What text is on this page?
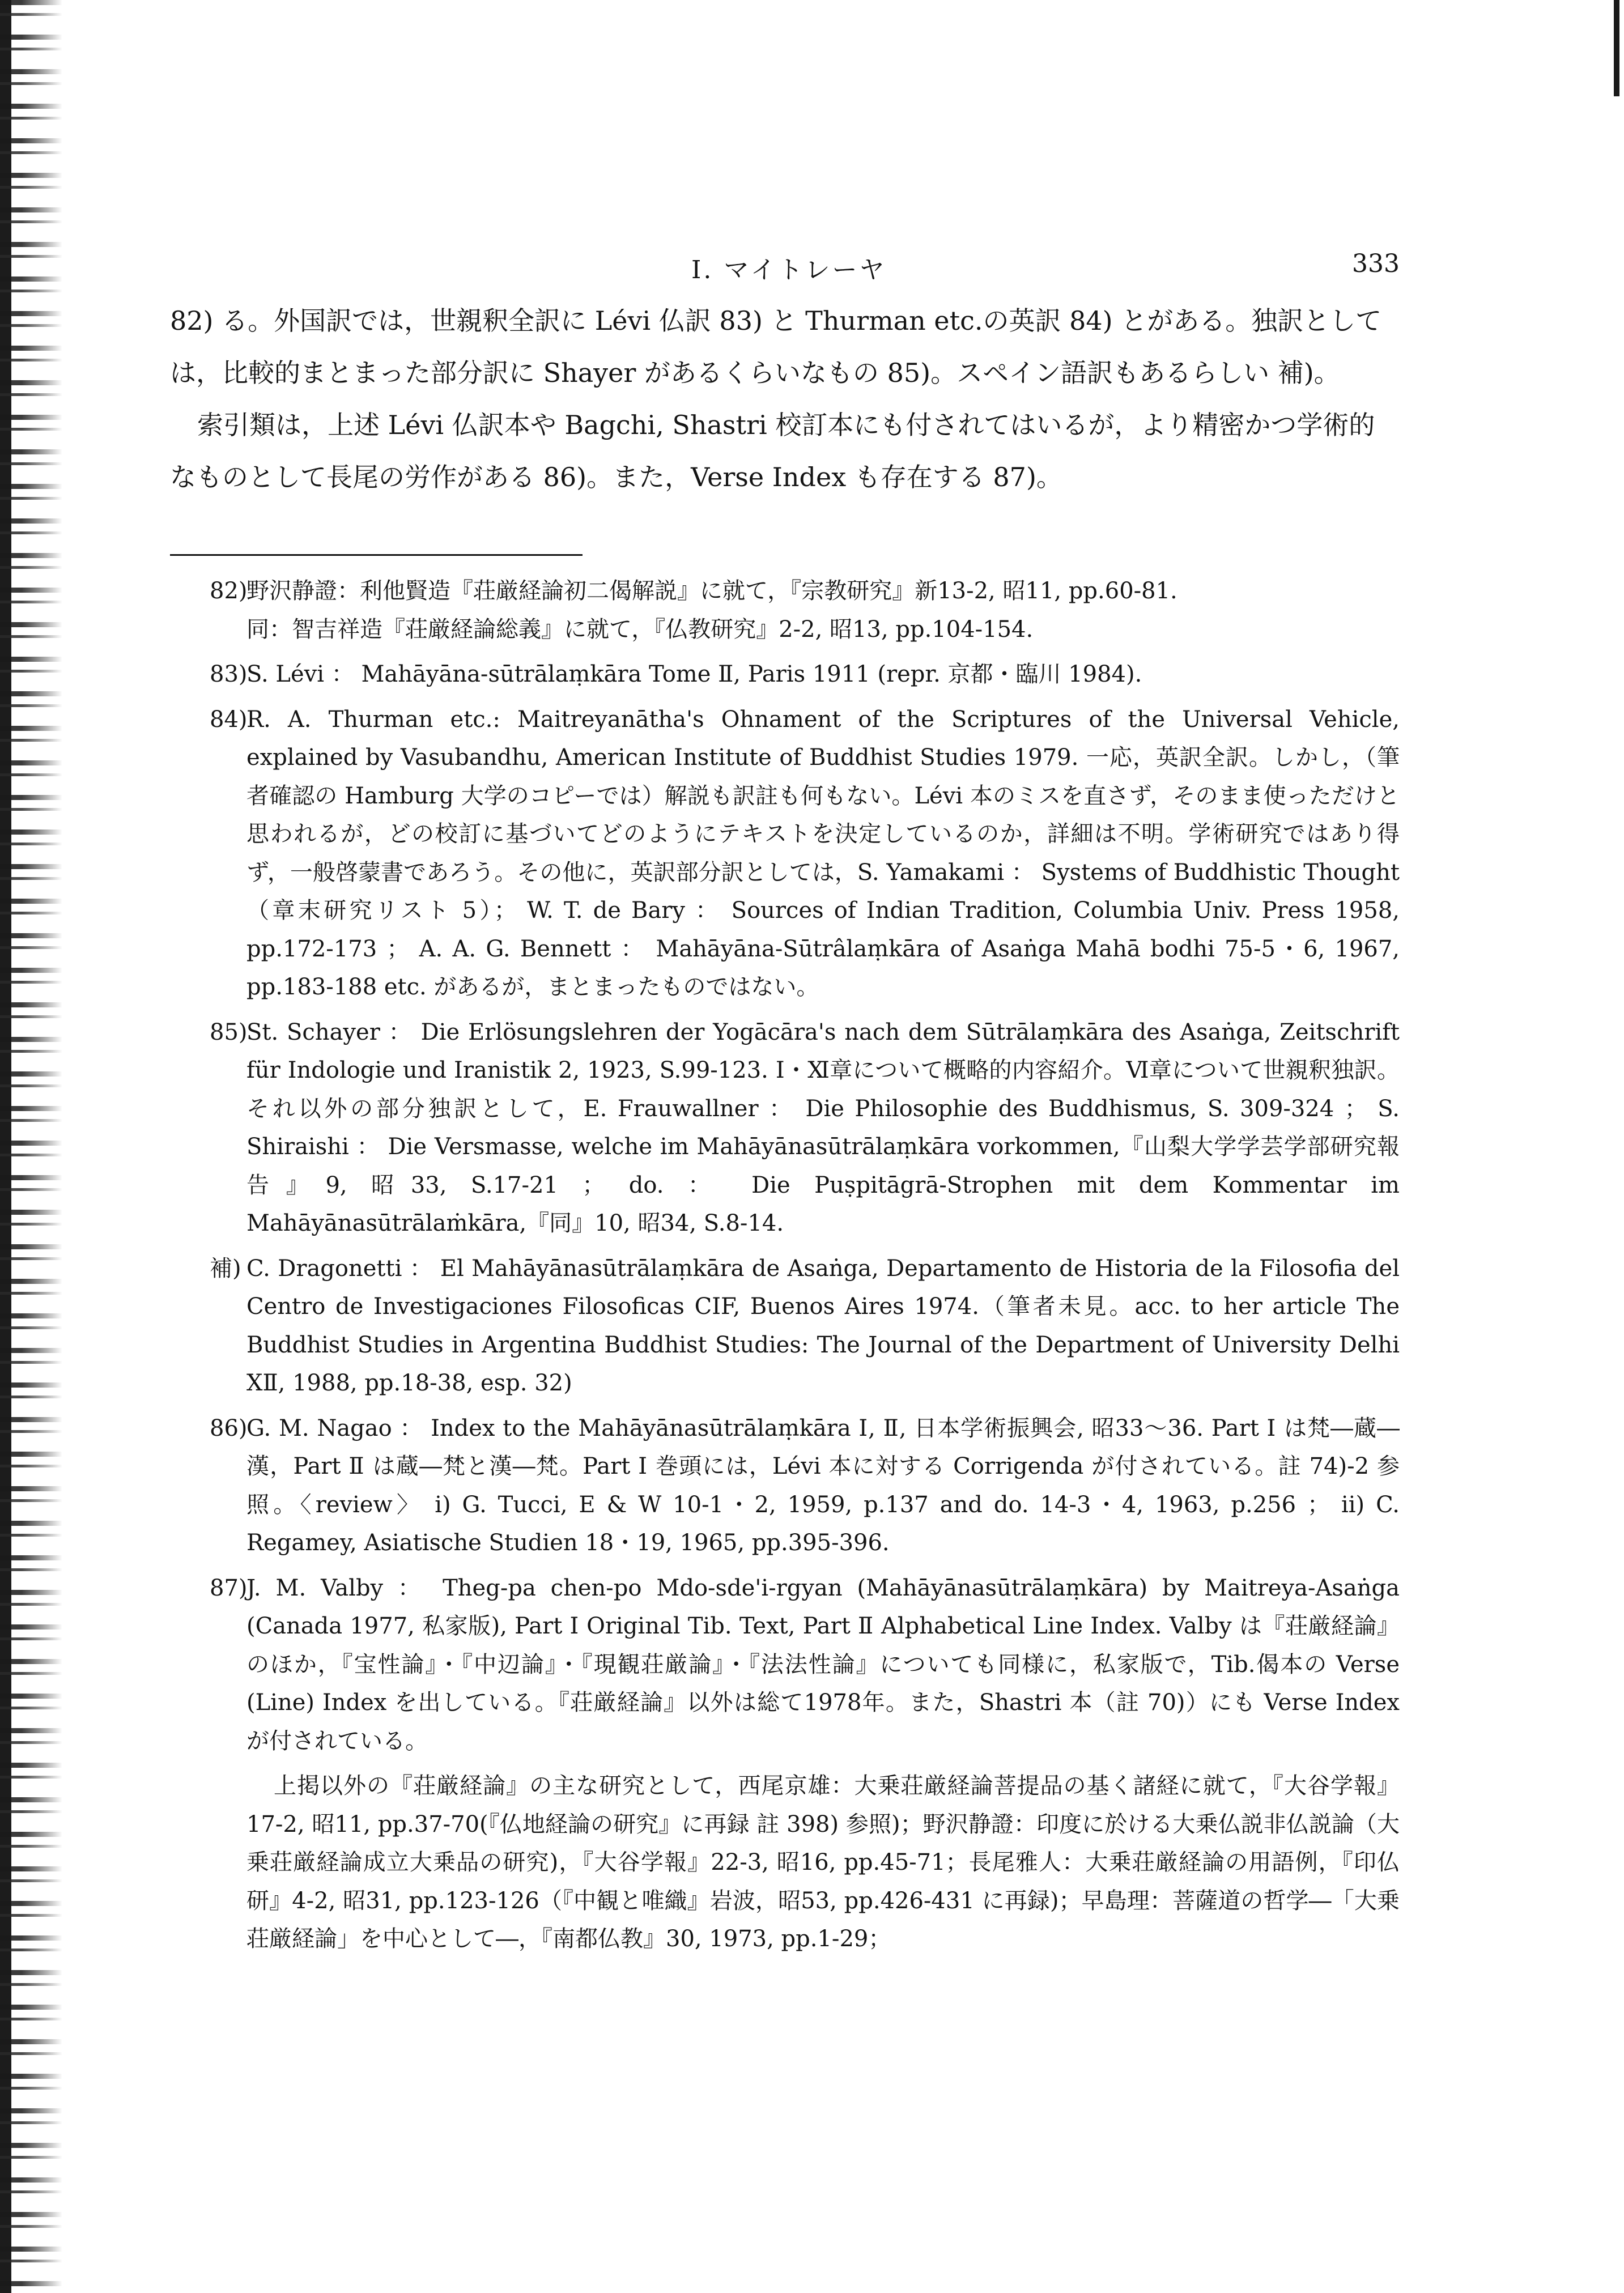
I. マイトレーヤ	333

82) る。外国訳では，世親釈全訳に Lévi 仏訳 83) と Thurman etc.の英訳 84) とがある。独訳としては，比較的まとまった部分訳に Shayer があるくらいなもの 85)。スペイン語訳もあるらしい 補)。

索引類は，上述 Lévi 仏訳本や Bagchi, Shastri 校訂本にも付されてはいるが，より精密かつ学術的なものとして長尾の労作がある 86)。また，Verse Index も存在する 87)。

82)
野沢静證：利他賢造『荘厳経論初二偈解説』に就て，『宗教研究』新13-2, 昭11, pp.60-81.
同：智吉祥造『荘厳経論総義』に就て，『仏教研究』2-2, 昭13, pp.104-154.
83)
S. Lévi ： Mahāyāna-sūtrālaṃkāra Tome Ⅱ, Paris 1911 (repr. 京都・臨川 1984).
84)
R. A. Thurman etc.: Maitreyanātha's Ohnament of the Scriptures of the Universal Vehicle, explained by Vasubandhu, American Institute of Buddhist Studies 1979. 一応，英訳全訳。しかし，（筆者確認の Hamburg 大学のコピーでは）解説も訳註も何もない。Lévi 本のミスを直さず，そのまま使っただけと思われるが，どの校訂に基づいてどのようにテキストを決定しているのか，詳細は不明。学術研究ではあり得ず，一般啓蒙書であろう。その他に，英訳部分訳としては，S. Yamakami ： Systems of Buddhistic Thought（章末研究リスト 5）； W. T. de Bary ： Sources of Indian Tradition, Columbia Univ. Press 1958, pp.172-173 ； A. A. G. Bennett ： Mahāyāna-Sūtrâlaṃkāra of Asaṅga Mahā bodhi 75-5・6, 1967, pp.183-188 etc. があるが，まとまったものではない。
85)
St. Schayer ： Die Erlösungslehren der Yogācāra's nach dem Sūtrālaṃkāra des Asaṅga, Zeitschrift für Indologie und Iranistik 2, 1923, S.99-123. Ⅰ・Ⅺ章について概略的内容紹介。Ⅵ章について世親釈独訳。それ以外の部分独訳として，E. Frauwallner ： Die Philosophie des Buddhismus, S. 309-324 ； S. Shiraishi ： Die Versmasse, welche im Mahāyānasūtrālaṃkāra vorkommen,『山梨大学学芸学部研究報告』9, 昭33, S.17-21 ； do. ： Die Puṣpitāgrā-Strophen mit dem Kommentar im Mahāyānasūtrālaṁkāra,『同』10, 昭34, S.8-14.
補) C. Dragonetti ： El Mahāyānasūtrālaṃkāra de Asaṅga, Departamento de Historia de la Filosofia del Centro de Investigaciones Filosoficas CIF, Buenos Aires 1974.（筆者未見。acc. to her article The Buddhist Studies in Argentina Buddhist Studies: The Journal of the Department of University Delhi ⅩⅡ, 1988, pp.18-38, esp. 32)
86)
G. M. Nagao ： Index to the Mahāyānasūtrālaṃkāra Ⅰ, Ⅱ, 日本学術振興会, 昭33〜36. Part Ⅰ は梵―蔵―漢，Part Ⅱ は蔵―梵と漢―梵。Part Ⅰ 巻頭には，Lévi 本に対する Corrigenda が付されている。註 74)-2 参照。〈review〉 i) G. Tucci, E & W 10-1・2, 1959, p.137 and do. 14-3・4, 1963, p.256 ； ii) C. Regamey, Asiatische Studien 18・19, 1965, pp.395-396.
87)
J. M. Valby ： Theg-pa chen-po Mdo-sde'i-rgyan (Mahāyānasūtrālaṃkāra) by Maitreya-Asaṅga (Canada 1977, 私家版), Part Ⅰ Original Tib. Text, Part Ⅱ Alphabetical Line Index. Valby は『荘厳経論』のほか，『宝性論』・『中辺論』・『現観荘厳論』・『法法性論』についても同様に，私家版で，Tib.偈本の Verse (Line) Index を出している。『荘厳経論』以外は総て1978年。また，Shastri 本（註 70)）にも Verse Index が付されている。
上掲以外の『荘厳経論』の主な研究として，西尾京雄：大乗荘厳経論菩提品の基く諸経に就て，『大谷学報』17-2, 昭11, pp.37-70(『仏地経論の研究』に再録 註 398) 参照)；野沢静證：印度に於ける大乗仏説非仏説論（大乗荘厳経論成立大乗品の研究)，『大谷学報』22-3, 昭16, pp.45-71；長尾雅人：大乗荘厳経論の用語例，『印仏研』4-2, 昭31, pp.123-126（『中観と唯織』岩波，昭53, pp.426-431 に再録)；早島理：菩薩道の哲学―「大乗荘厳経論」を中心として―，『南都仏教』30, 1973, pp.1-29；
